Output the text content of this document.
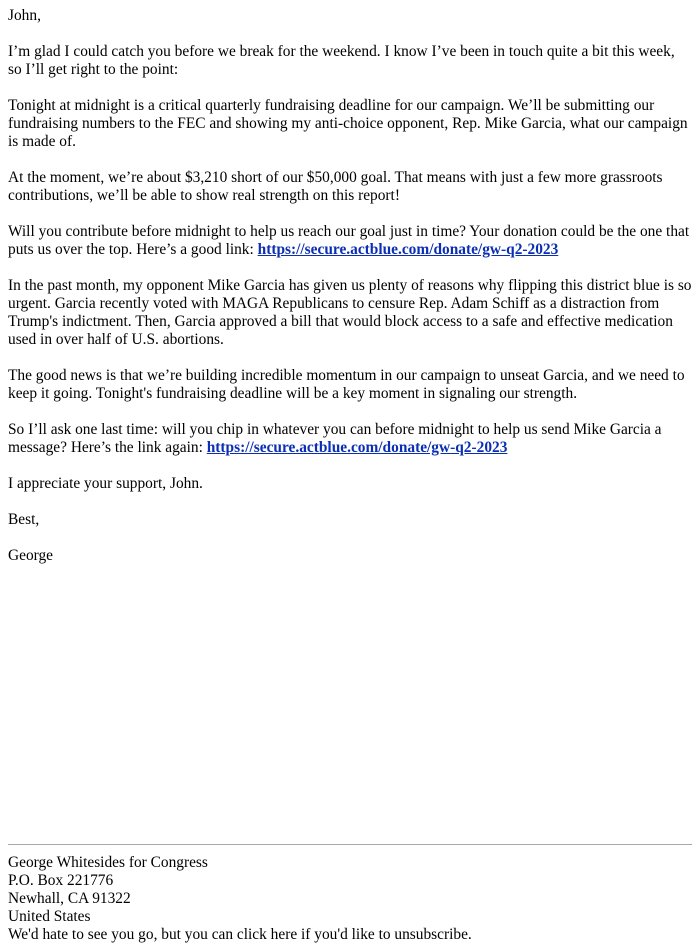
John,

I’m glad I could catch you before we break for the weekend. I know I’ve been in touch quite a bit this week, so I’ll get right to the point:

Tonight at midnight is a critical quarterly fundraising deadline for our campaign. We’ll be submitting our fundraising numbers to the FEC and showing my anti-choice opponent, Rep. Mike Garcia, what our campaign is made of.

At the moment, we’re about $3,210 short of our $50,000 goal. That means with just a few more grassroots contributions, we’ll be able to show real strength on this report!

Will you contribute before midnight to help us reach our goal just in time? Your donation could be the one that puts us over the top. Here’s a good link: https://secure.actblue.com/donate/gw-q2-2023

In the past month, my opponent Mike Garcia has given us plenty of reasons why flipping this district blue is so urgent. Garcia recently voted with MAGA Republicans to censure Rep. Adam Schiff as a distraction from Trump's indictment. Then, Garcia approved a bill that would block access to a safe and effective medication used in over half of U.S. abortions.

The good news is that we’re building incredible momentum in our campaign to unseat Garcia, and we need to keep it going. Tonight's fundraising deadline will be a key moment in signaling our strength.

So I’ll ask one last time: will you chip in whatever you can before midnight to help us send Mike Garcia a message? Here’s the link again: https://secure.actblue.com/donate/gw-q2-2023

I appreciate your support, John.

Best,

George

George Whitesides for Congress
P.O. Box 221776
Newhall, CA 91322
United States
We'd hate to see you go, but you can click here if you'd like to unsubscribe.
